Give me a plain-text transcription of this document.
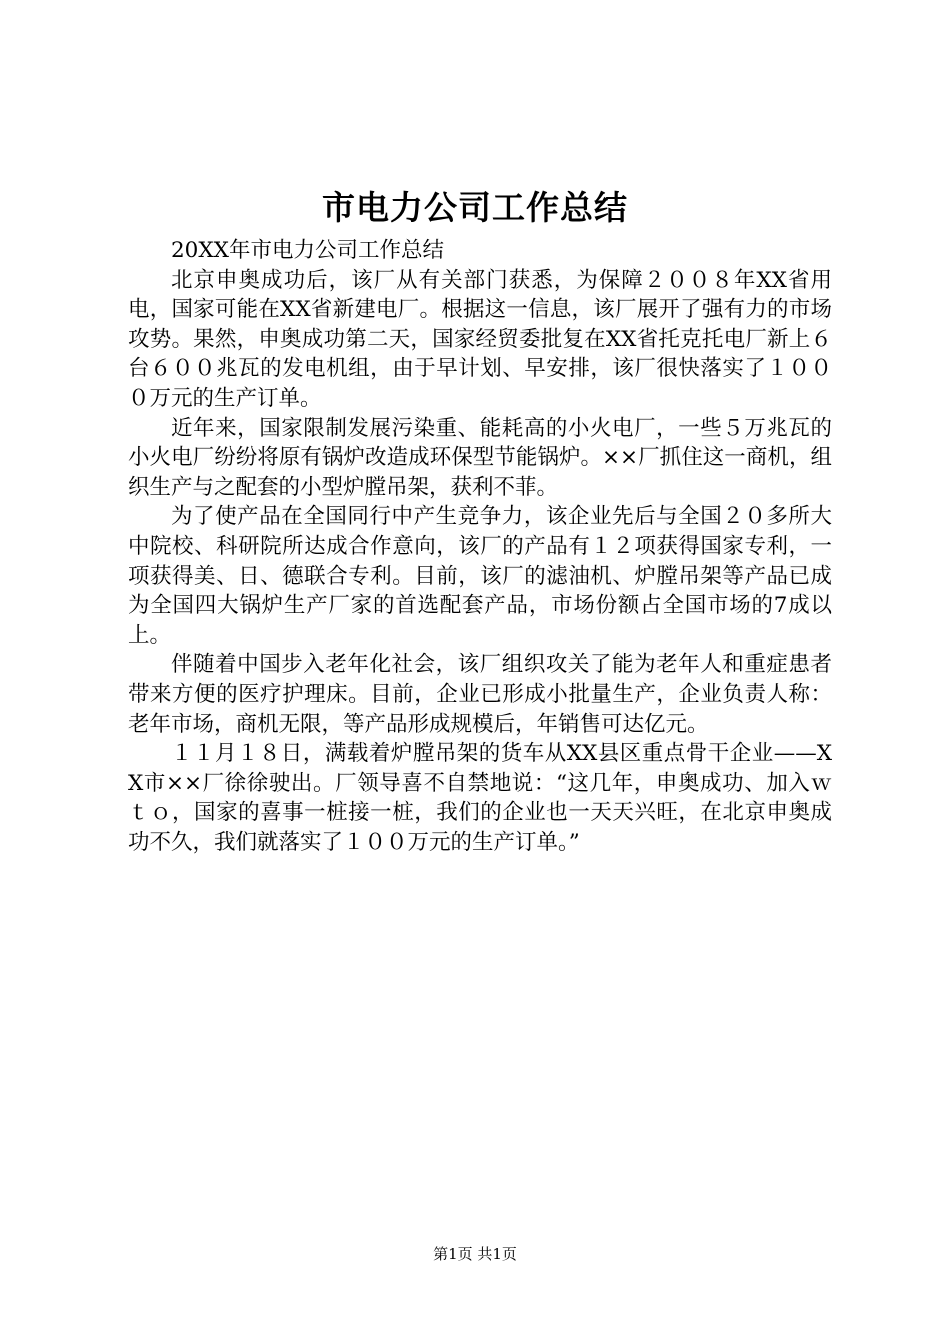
市电力公司工作总结

20XX年市电力公司工作总结

北京申奥成功后，该厂从有关部门获悉，为保障２００８年XX省用电，国家可能在XX省新建电厂。根据这一信息，该厂展开了强有力的市场攻势。果然，申奥成功第二天，国家经贸委批复在XX省托克托电厂新上６台６００兆瓦的发电机组，由于早计划、早安排，该厂很快落实了１０００万元的生产订单。

近年来，国家限制发展污染重、能耗高的小火电厂，一些５万兆瓦的小火电厂纷纷将原有锅炉改造成环保型节能锅炉。××厂抓住这一商机，组织生产与之配套的小型炉膛吊架，获利不菲。

为了使产品在全国同行中产生竞争力，该企业先后与全国２０多所大中院校、科研院所达成合作意向，该厂的产品有１２项获得国家专利，一项获得美、日、德联合专利。目前，该厂的滤油机、炉膛吊架等产品已成为全国四大锅炉生产厂家的首选配套产品，市场份额占全国市场的7成以上。

伴随着中国步入老年化社会，该厂组织攻关了能为老年人和重症患者带来方便的医疗护理床。目前，企业已形成小批量生产，企业负责人称：老年市场，商机无限，等产品形成规模后，年销售可达亿元。

１１月１８日，满载着炉膛吊架的货车从XX县区重点骨干企业——XX市××厂徐徐驶出。厂领导喜不自禁地说：“这几年，申奥成功、加入ｗｔｏ，国家的喜事一桩接一桩，我们的企业也一天天兴旺，在北京申奥成功不久，我们就落实了１００万元的生产订单。”

第1页 共1页
